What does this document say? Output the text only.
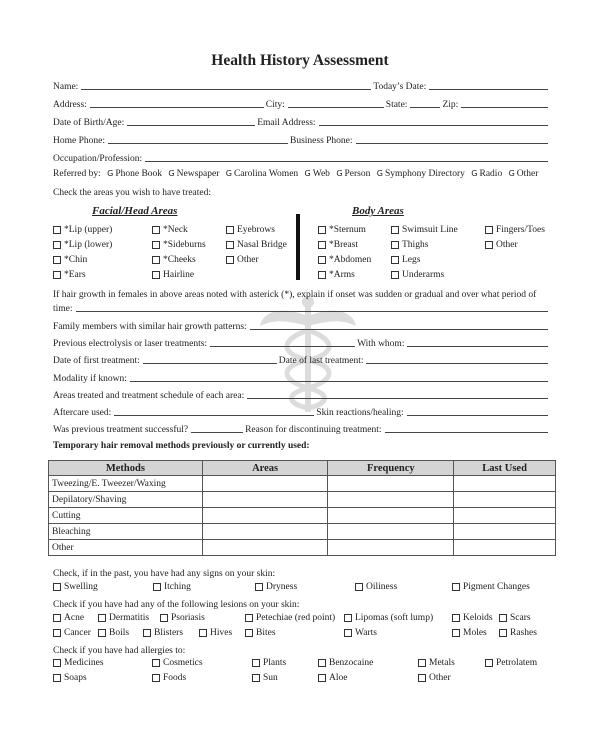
Health History Assessment
Name:	Today’s Date:
Address:	City:	State:	Zip:
Date of Birth/Age:	Email Address:
Home Phone:	Business Phone:
Occupation/Profession:
Referred by: G Phone Book G Newspaper G Carolina Women G Web G Person G Symphony Directory G Radio G Other
Check the areas you wish to have treated:
Facial/Head Areas	Body Areas
*Lip (upper)
*Lip (lower)
*Chin
*Ears
*Neck
*Sideburns
*Cheeks
Hairline
Eyebrows
Nasal Bridge
Other
*Sternum
*Breast
*Abdomen
*Arms
Swimsuit Line
Thighs
Legs
Underarms
Fingers/Toes
Other
If hair growth in females in above areas noted with asterick (*), explain if onset was sudden or gradual and over what period of
time:
Family members with similar hair growth patterns:
Previous electrolysis or laser treatments:	With whom:
Date of first treatment:	Date of last treatment:
Modality if known:
Areas treated and treatment schedule of each area:
Aftercare used:	Skin reactions/healing:
Was previous treatment successful?	Reason for discontinuing treatment:
Temporary hair removal methods previously or currently used:
Methods	Areas	Frequency	Last Used
Tweezing/E. Tweezer/Waxing			
Depilatory/Shaving			
Cutting			
Bleaching			
Other			
Check, if in the past, you have had any signs on your skin:
Swelling	Itching	Dryness	Oiliness	Pigment Changes
Check if you have had any of the following lesions on your skin:
Acne	Dermatitis Psoriasis	Petechiae (red point) Lipomas (soft lump)	Keloids Scars
Cancer Boils	Blisters	Hives	Bites	Warts	Moles Rashes
Check if you have had allergies to:
Medicines	Cosmetics	Plants	Benzocaine	Metals	Petrolatem
Soaps	Foods	Sun	Aloe	Other
